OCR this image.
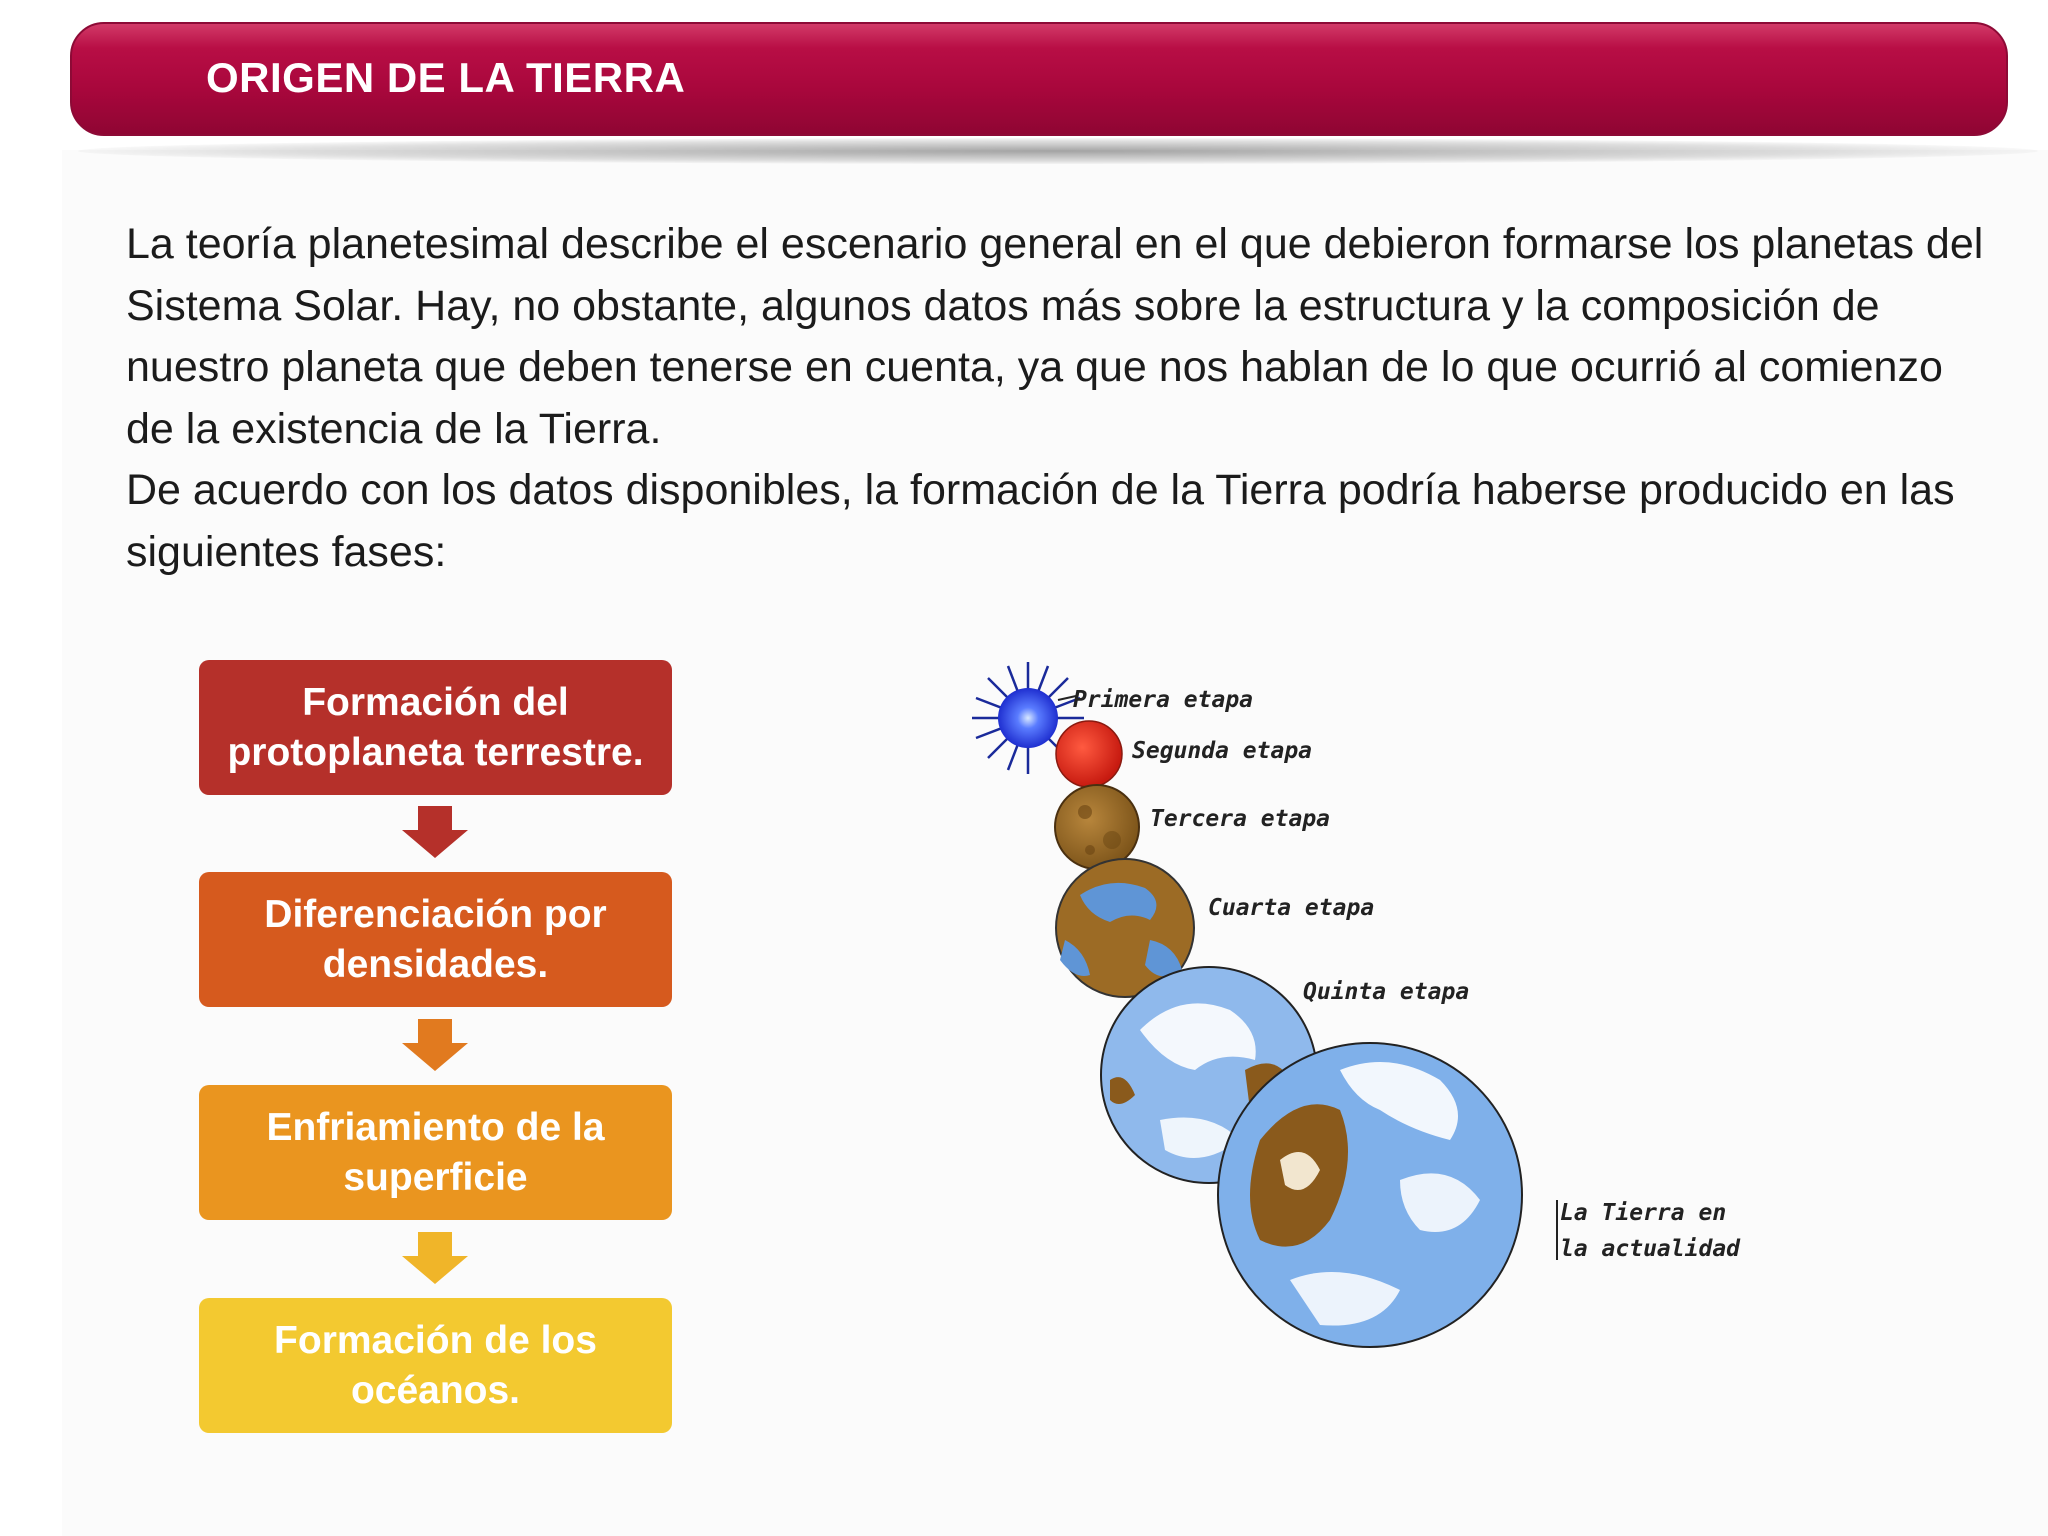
ORIGEN DE LA TIERRA

La teoría planetesimal describe el escenario general en el que debieron formarse los planetas del Sistema Solar. Hay, no obstante, algunos datos más sobre la estructura y la composición de nuestro planeta que deben tenerse en cuenta, ya que nos hablan de lo que ocurrió al comienzo de la existencia de la Tierra.

De acuerdo con los datos disponibles, la formación de la Tierra podría haberse producido en las siguientes fases:

Formación del
protoplaneta terrestre.
Diferenciación por
densidades.
Enfriamiento de la
superficie
Formación de los
océanos.
Primera etapa
Segunda etapa
Tercera etapa
Cuarta etapa
Quinta etapa
La Tierra en
la actualidad
